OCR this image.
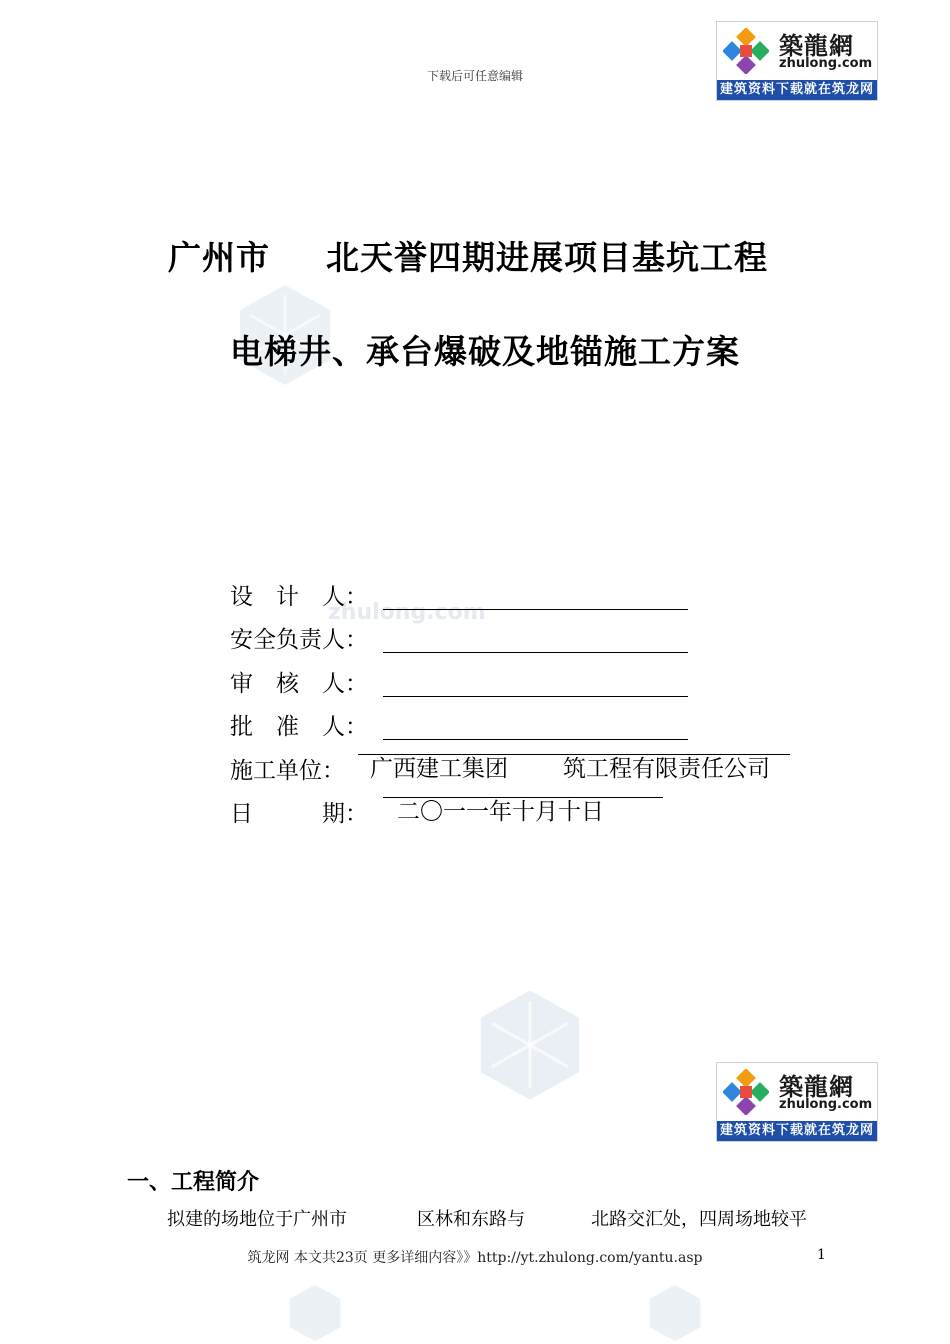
zhulong.com
下载后可任意编辑
築龍網
zhulong.com
建筑资料下载就在筑龙网
广州市 北天誉四期进展项目基坑工程
电梯井、承台爆破及地锚施工方案
设　计　人：
安全负责人：
审　核　人：
批　准　人：
施工单位： 广西建工集团 筑工程有限责任公司
日　　　期： 二〇一一年十月十日
築龍網
zhulong.com
建筑资料下载就在筑龙网
一、工程简介
拟建的场地位于广州市	区林和东路与	北路交汇处，四周场地较平
筑龙网 本文共23页 更多详细内容》》http://yt.zhulong.com/yantu.asp	1
